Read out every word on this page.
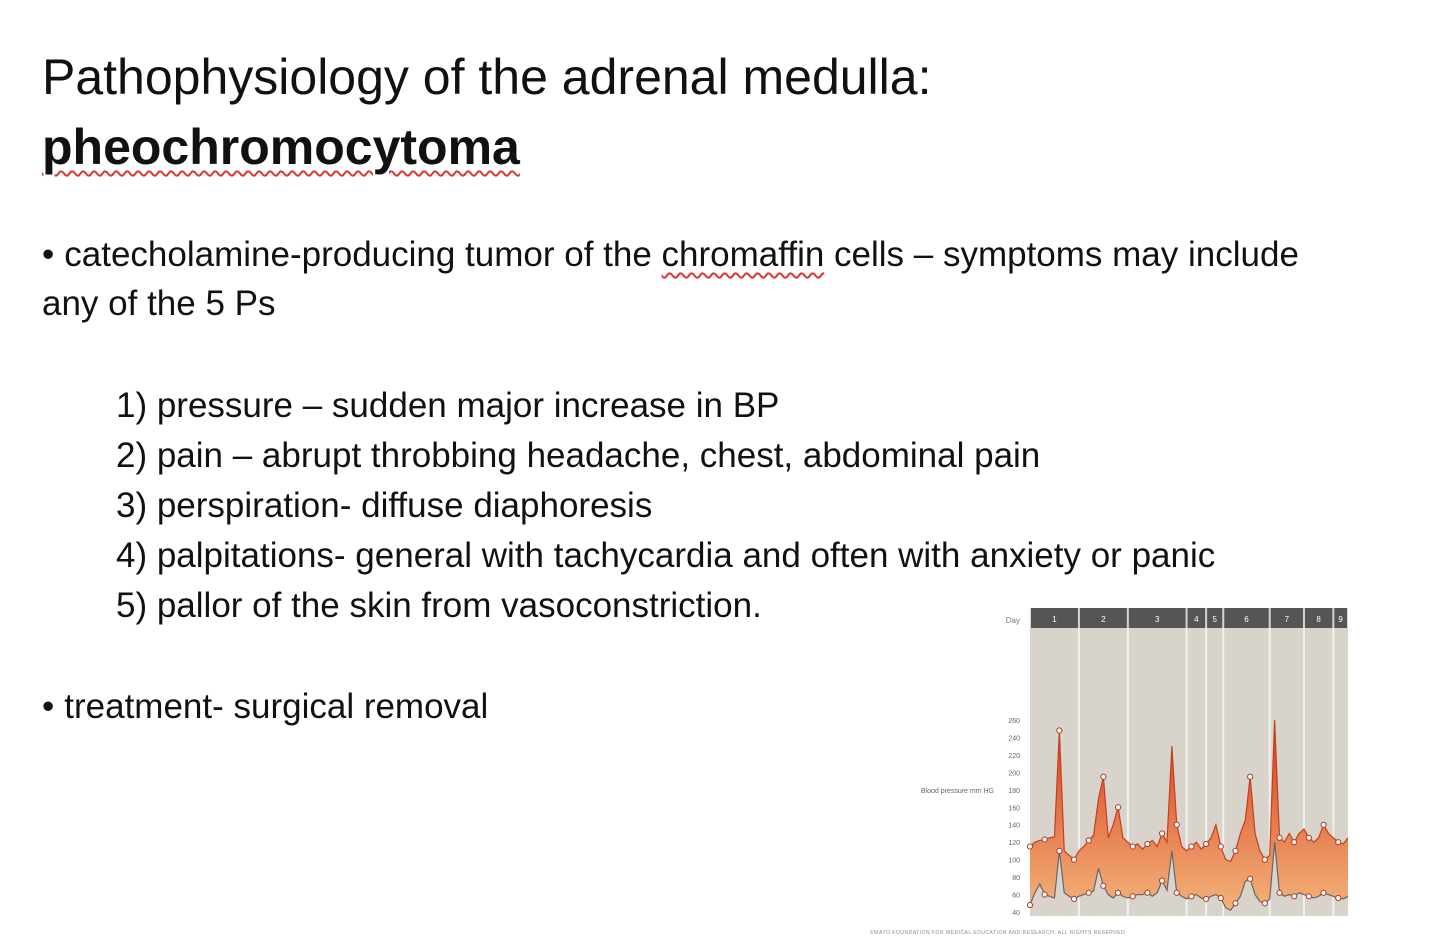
Pathophysiology of the adrenal medulla:
pheochromocytoma
• catecholamine-producing tumor of the chromaffin cells – symptoms may include any of the 5 Ps
1) pressure – sudden major increase in BP
2) pain – abrupt throbbing headache, chest, abdominal pain
3) perspiration- diffuse diaphoresis
4) palpitations- general with tachycardia and often with anxiety or panic
5) pallor of the skin from vasoconstriction.
• treatment- surgical removal
1	2	3	4 5	6	7	8 9
Day
40
60
80
100
120
140
160
180
200
220
240
260
Blood pressure mm HG
©MAYO FOUNDATION FOR MEDICAL EDUCATION AND RESEARCH. ALL RIGHTS RESERVED.
